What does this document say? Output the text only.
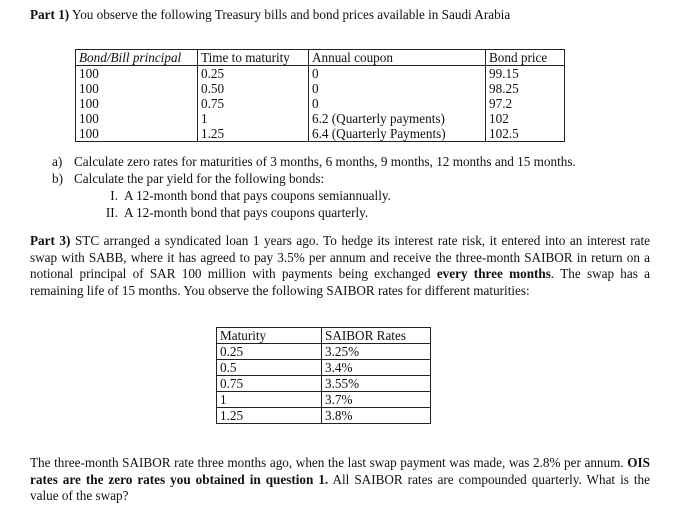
Part 1) You observe the following Treasury bills and bond prices available in Saudi Arabia
Bond/Bill principal	Time to maturity	Annual coupon	Bond price
100	0.25	0	99.15
100	0.50	0	98.25
100	0.75	0	97.2
100	1	6.2 (Quarterly payments)	102
100	1.25	6.4 (Quarterly Payments)	102.5
a) Calculate zero rates for maturities of 3 months, 6 months, 9 months, 12 months and 15 months.
b) Calculate the par yield for the following bonds:
I. A 12-month bond that pays coupons semiannually.
II. A 12-month bond that pays coupons quarterly.
Part 3) STC arranged a syndicated loan 1 years ago. To hedge its interest rate risk, it entered into an interest rate swap with SABB, where it has agreed to pay 3.5% per annum and receive the three-month SAIBOR in return on a notional principal of SAR 100 million with payments being exchanged every three months. The swap has a remaining life of 15 months. You observe the following SAIBOR rates for different maturities:
Maturity	SAIBOR Rates
0.25	3.25%
0.5	3.4%
0.75	3.55%
1	3.7%
1.25	3.8%
The three-month SAIBOR rate three months ago, when the last swap payment was made, was 2.8% per annum. OIS rates are the zero rates you obtained in question 1. All SAIBOR rates are compounded quarterly. What is the value of the swap?
